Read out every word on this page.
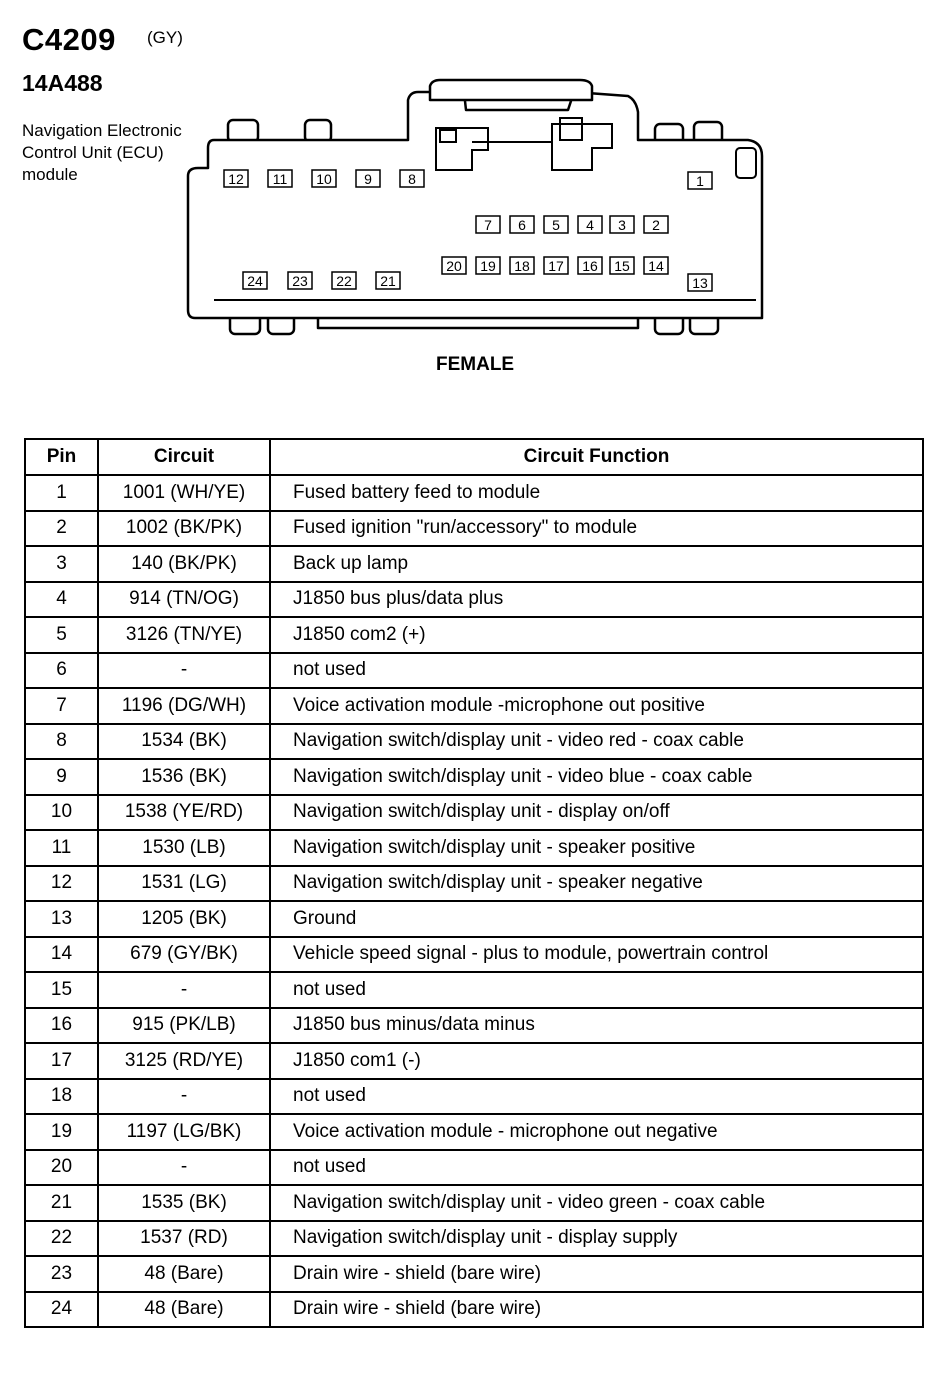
C4209 (GY)
14A488
Navigation Electronic
Control Unit (ECU)
module	12 11 10 9	8	1
7 6 5 4 3 2
20 19 18 17 16 15 14
24 23 22 21	13
FEMALE
Pin	Circuit	Circuit Function
1	1001 (WH/YE)	Fused battery feed to module
2	1002 (BK/PK)	Fused ignition "run/accessory" to module
3	140 (BK/PK)	Back up lamp
4	914 (TN/OG)	J1850 bus plus/data plus
5	3126 (TN/YE)	J1850 com2 (+)
6	-	not used
7	1196 (DG/WH)	Voice activation module -microphone out positive
8	1534 (BK)	Navigation switch/display unit - video red - coax cable
9	1536 (BK)	Navigation switch/display unit - video blue - coax cable
10	1538 (YE/RD)	Navigation switch/display unit - display on/off
11	1530 (LB)	Navigation switch/display unit - speaker positive
12	1531 (LG)	Navigation switch/display unit - speaker negative
13	1205 (BK)	Ground
14	679 (GY/BK)	Vehicle speed signal - plus to module, powertrain control
15	-	not used
16	915 (PK/LB)	J1850 bus minus/data minus
17	3125 (RD/YE)	J1850 com1 (-)
18	-	not used
19	1197 (LG/BK)	Voice activation module - microphone out negative
20	-	not used
21	1535 (BK)	Navigation switch/display unit - video green - coax cable
22	1537 (RD)	Navigation switch/display unit - display supply
23	48 (Bare)	Drain wire - shield (bare wire)
24	48 (Bare)	Drain wire - shield (bare wire)
